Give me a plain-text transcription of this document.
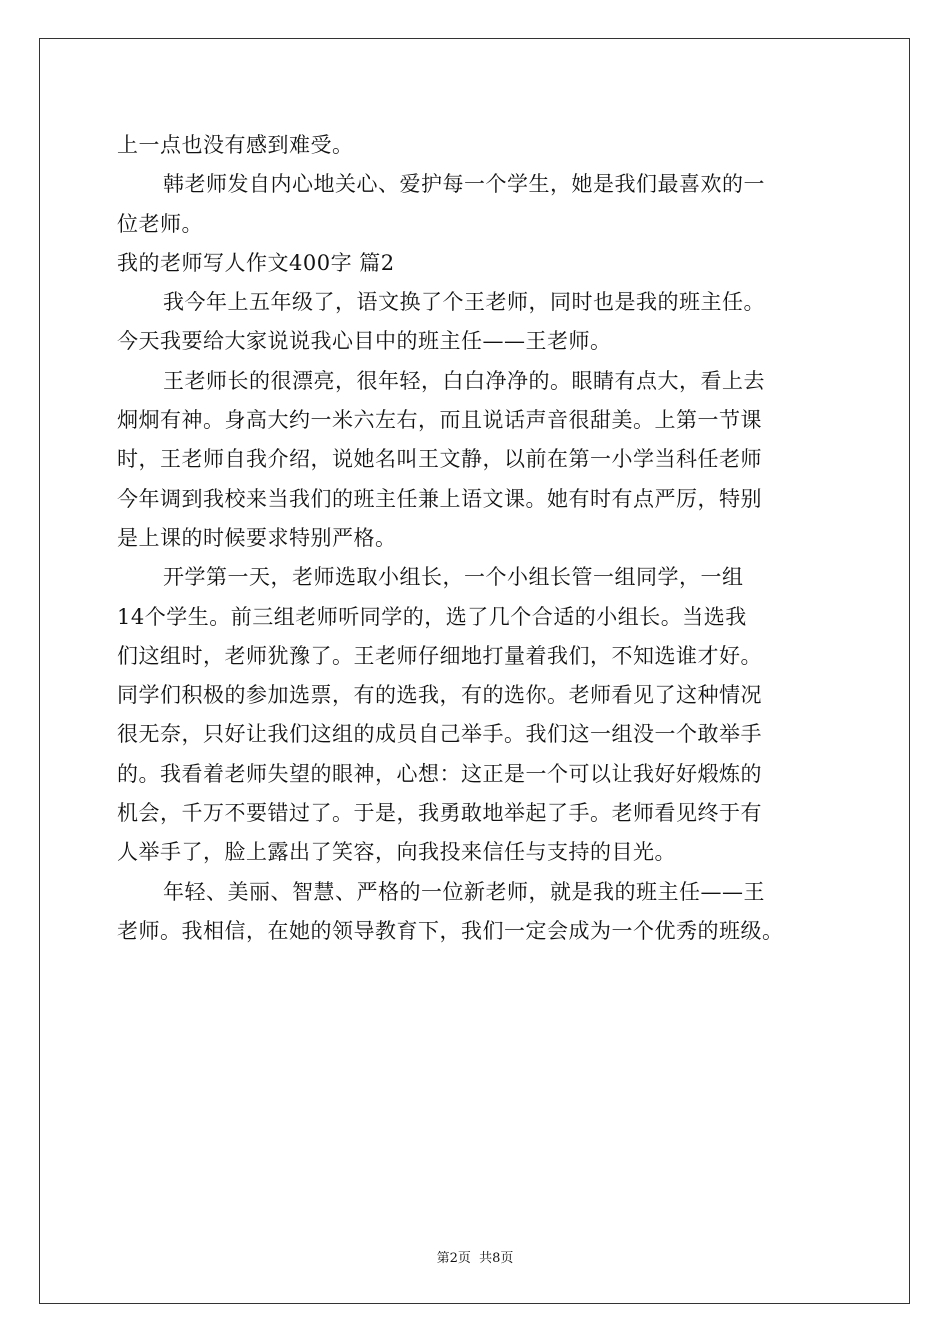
上一点也没有感到难受。
韩老师发自内心地关心、爱护每一个学生，她是我们最喜欢的一
位老师。
我的老师写人作文400字 篇2
我今年上五年级了，语文换了个王老师，同时也是我的班主任。
今天我要给大家说说我心目中的班主任——王老师。
王老师长的很漂亮，很年轻，白白净净的。眼睛有点大，看上去
炯炯有神。身高大约一米六左右，而且说话声音很甜美。上第一节课
时，王老师自我介绍，说她名叫王文静，以前在第一小学当科任老师
今年调到我校来当我们的班主任兼上语文课。她有时有点严厉，特别
是上课的时候要求特别严格。
开学第一天，老师选取小组长，一个小组长管一组同学，一组
14个学生。前三组老师听同学的，选了几个合适的小组长。当选我
们这组时，老师犹豫了。王老师仔细地打量着我们，不知选谁才好。
同学们积极的参加选票，有的选我，有的选你。老师看见了这种情况
很无奈，只好让我们这组的成员自己举手。我们这一组没一个敢举手
的。我看着老师失望的眼神，心想：这正是一个可以让我好好煅炼的
机会，千万不要错过了。于是，我勇敢地举起了手。老师看见终于有
人举手了，脸上露出了笑容，向我投来信任与支持的目光。
年轻、美丽、智慧、严格的一位新老师，就是我的班主任——王
老师。我相信，在她的领导教育下，我们一定会成为一个优秀的班级。
第2页 共8页
